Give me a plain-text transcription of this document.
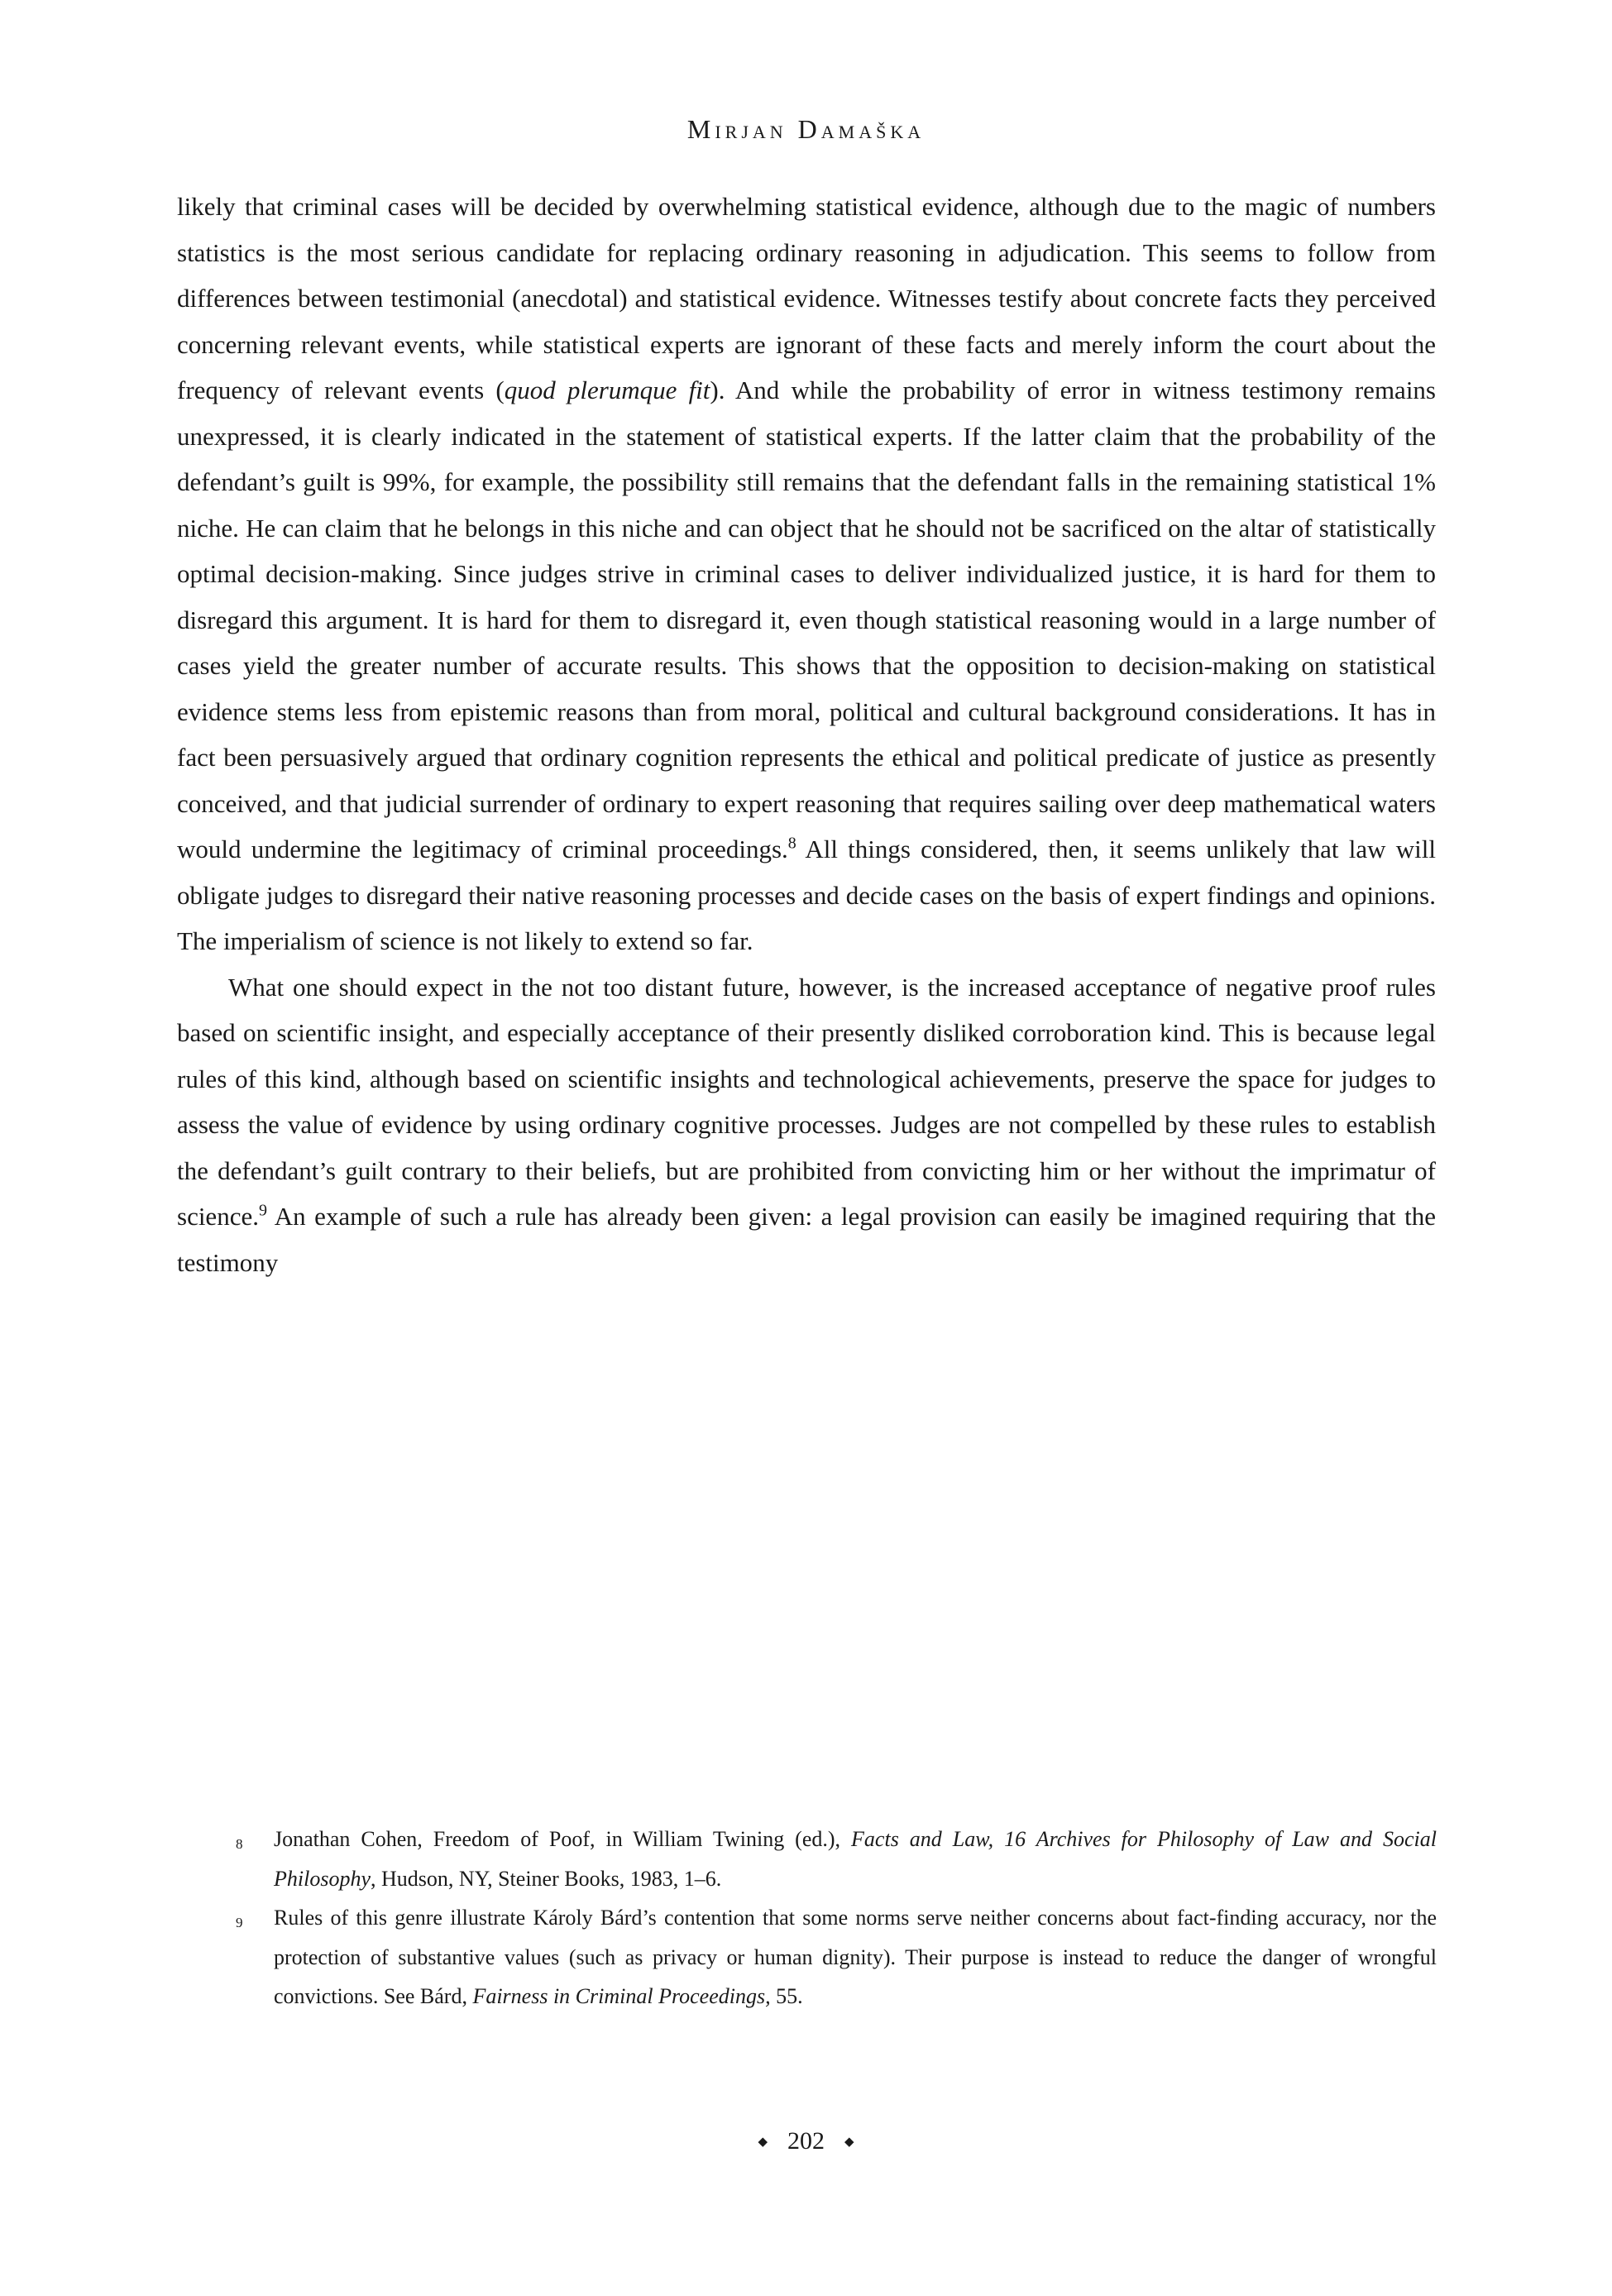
Mirjan Damaška

likely that criminal cases will be decided by overwhelming statistical evidence, although due to the magic of numbers statistics is the most serious candidate for replacing ordinary reasoning in adjudication. This seems to follow from differences between testimonial (anecdotal) and statistical evidence. Witnesses testify about concrete facts they perceived concerning relevant events, while statistical experts are ignorant of these facts and merely inform the court about the frequency of relevant events (quod plerumque fit). And while the probability of error in witness testimony remains unexpressed, it is clearly indicated in the statement of statistical experts. If the latter claim that the probability of the defendant’s guilt is 99%, for example, the possibility still remains that the defendant falls in the remaining statistical 1% niche. He can claim that he belongs in this niche and can object that he should not be sacrificed on the altar of statistically optimal decision-making. Since judges strive in criminal cases to deliver individualized justice, it is hard for them to disregard this argument. It is hard for them to disregard it, even though statistical reasoning would in a large number of cases yield the greater number of accurate results. This shows that the opposition to decision-making on statistical evidence stems less from epistemic reasons than from moral, political and cultural background considerations. It has in fact been persuasively argued that ordinary cognition represents the ethical and political predicate of justice as presently conceived, and that judicial surrender of ordinary to expert reasoning that requires sailing over deep mathematical waters would undermine the legitimacy of criminal proceedings.$^8$ All things considered, then, it seems unlikely that law will obligate judges to disregard their native reasoning processes and decide cases on the basis of expert findings and opinions. The imperialism of science is not likely to extend so far.

What one should expect in the not too distant future, however, is the increased acceptance of negative proof rules based on scientific insight, and especially acceptance of their presently disliked corroboration kind. This is because legal rules of this kind, although based on scientific insights and technological achievements, preserve the space for judges to assess the value of evidence by using ordinary cognitive processes. Judges are not compelled by these rules to establish the defendant’s guilt contrary to their beliefs, but are prohibited from convicting him or her without the imprimatur of science.$^9$ An example of such a rule has already been given: a legal provision can easily be imagined requiring that the testimony

8	Jonathan Cohen, Freedom of Poof, in William Twining (ed.), Facts and Law, 16 Archives for Philosophy of Law and Social Philosophy, Hudson, NY, Steiner Books, 1983, 1–6.
9	Rules of this genre illustrate Károly Bárd’s contention that some norms serve neither concerns about fact-finding accuracy, nor the protection of substantive values (such as privacy or human dignity). Their purpose is instead to reduce the danger of wrongful convictions. See Bárd, Fairness in Criminal Proceedings, 55.
◆ 202 ◆
